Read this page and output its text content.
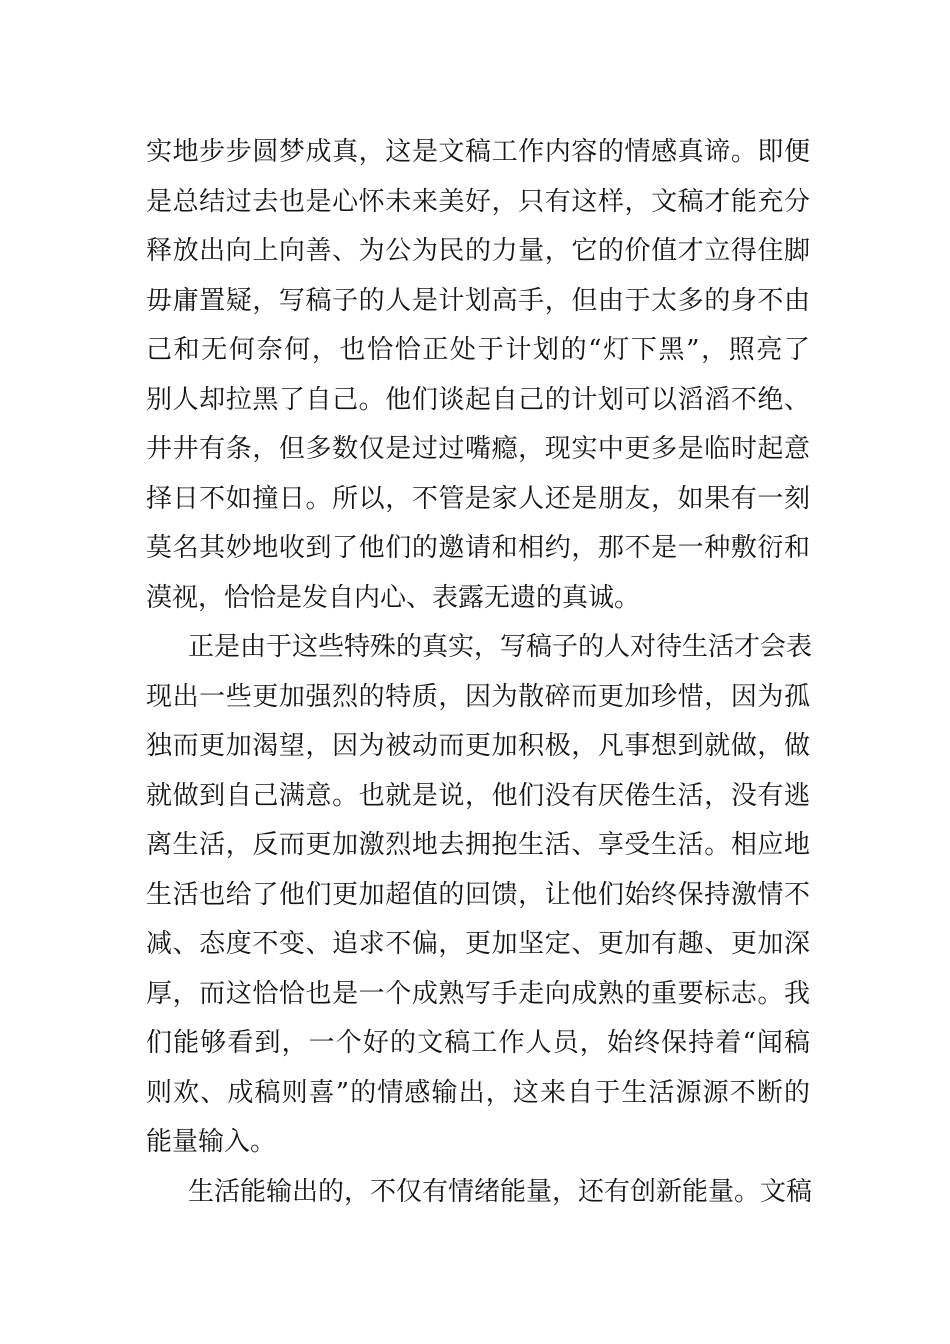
实地步步圆梦成真，这是文稿工作内容的情感真谛。即便
是总结过去也是心怀未来美好，只有这样，文稿才能充分
释放出向上向善、为公为民的力量，它的价值才立得住脚
毋庸置疑，写稿子的人是计划高手，但由于太多的身不由
己和无何奈何，也恰恰正处于计划的“灯下黑”，照亮了
别人却拉黑了自己。他们谈起自己的计划可以滔滔不绝、
井井有条，但多数仅是过过嘴瘾，现实中更多是临时起意
择日不如撞日。所以，不管是家人还是朋友，如果有一刻
莫名其妙地收到了他们的邀请和相约，那不是一种敷衍和
漠视，恰恰是发自内心、表露无遗的真诚。
正是由于这些特殊的真实，写稿子的人对待生活才会表
现出一些更加强烈的特质，因为散碎而更加珍惜，因为孤
独而更加渴望，因为被动而更加积极，凡事想到就做，做
就做到自己满意。也就是说，他们没有厌倦生活，没有逃
离生活，反而更加激烈地去拥抱生活、享受生活。相应地
生活也给了他们更加超值的回馈，让他们始终保持激情不
减、态度不变、追求不偏，更加坚定、更加有趣、更加深
厚，而这恰恰也是一个成熟写手走向成熟的重要标志。我
们能够看到，一个好的文稿工作人员，始终保持着“闻稿
则欢、成稿则喜”的情感输出，这来自于生活源源不断的
能量输入。
生活能输出的，不仅有情绪能量，还有创新能量。文稿
